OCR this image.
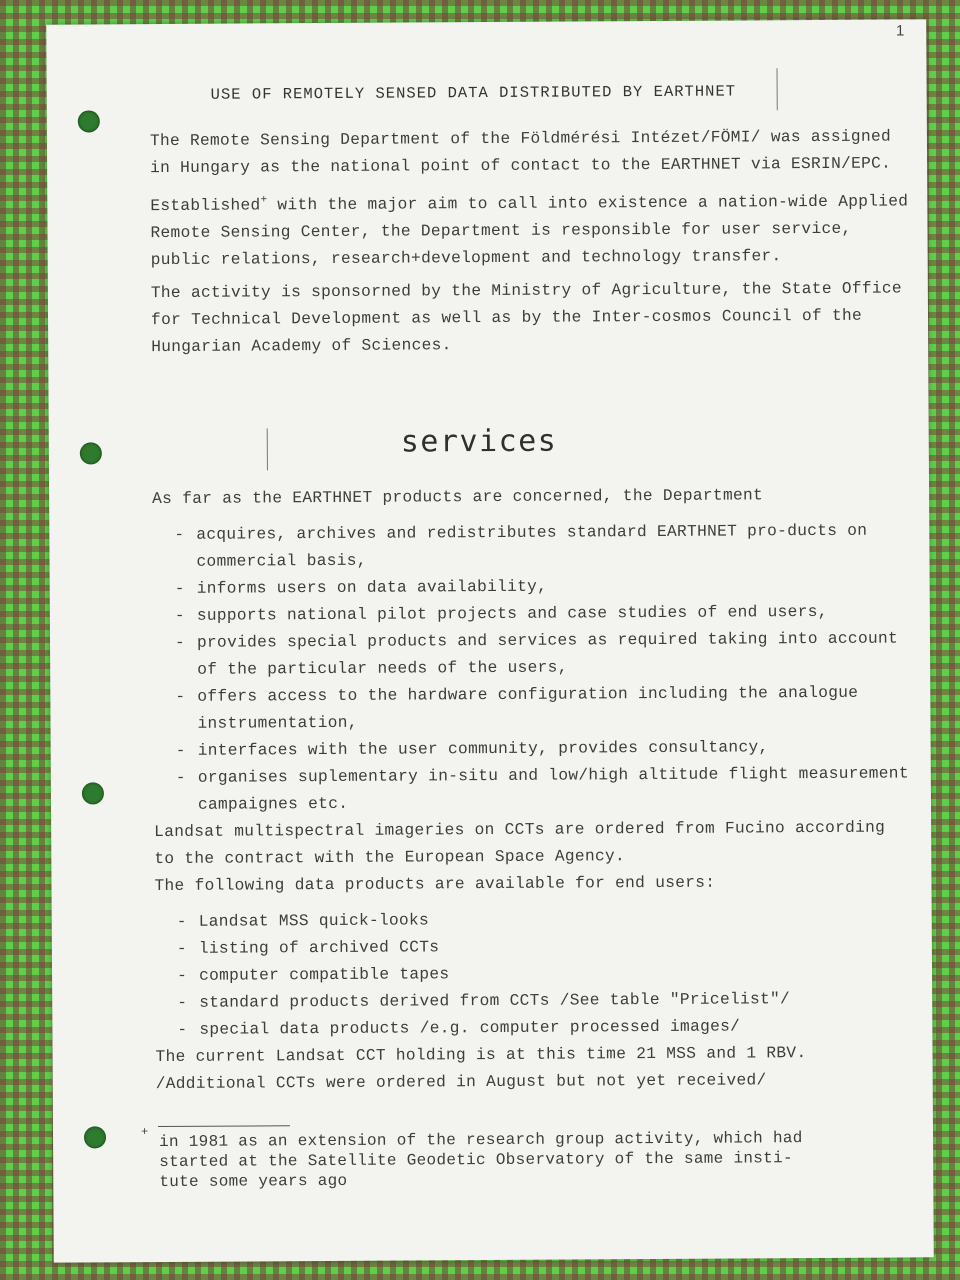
1
USE OF REMOTELY SENSED DATA DISTRIBUTED BY EARTHNET

The Remote Sensing Department of the Földmérési Intézet/FÖMI/ was assigned in Hungary as the national point of contact to the EARTHNET via ESRIN/EPC.

Established+ with the major aim to call into existence a nation-wide Applied Remote Sensing Center, the Department is responsible for user service, public relations, research+development and technology transfer.

The activity is sponsorned by the Ministry of Agriculture, the State Office for Technical Development as well as by the Inter-cosmos Council of the Hungarian Academy of Sciences.

services

As far as the EARTHNET products are concerned, the Department

- acquires, archives and redistributes standard EARTHNET pro-ducts on commercial basis,
- informs users on data availability,
- supports national pilot projects and case studies of end users,
- provides special products and services as required taking into account of the particular needs of the users,
- offers access to the hardware configuration including the analogue instrumentation,
- interfaces with the user community, provides consultancy,
- organises suplementary in-situ and low/high altitude flight measurement campaignes etc.

Landsat multispectral imageries on CCTs are ordered from Fucino according to the contract with the European Space Agency.

The following data products are available for end users:

- Landsat MSS quick-looks
- listing of archived CCTs
- computer compatible tapes
- standard products derived from CCTs /See table "Pricelist"/
- special data products /e.g. computer processed images/

The current Landsat CCT holding is at this time 21 MSS and 1 RBV.

/Additional CCTs were ordered in August but not yet received/

+ in 1981 as an extension of the research group activity, which had
started at the Satellite Geodetic Observatory of the same insti-
tute some years ago
